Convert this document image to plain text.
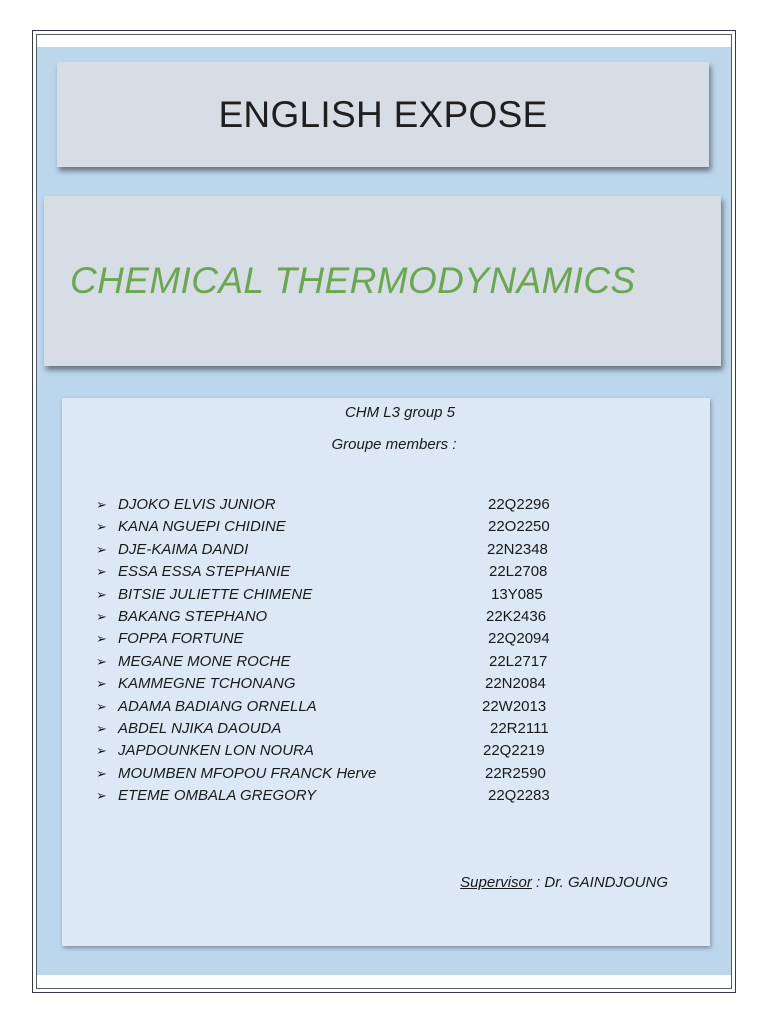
ENGLISH EXPOSE
CHEMICAL THERMODYNAMICS
CHM L3 group 5
Groupe members :
➢ DJOKO ELVIS JUNIOR	22Q2296
➢ KANA NGUEPI CHIDINE	22O2250
➢ DJE-KAIMA DANDI	22N2348
➢ ESSA ESSA STEPHANIE	22L2708
➢ BITSIE JULIETTE CHIMENE	13Y085
➢ BAKANG STEPHANO	22K2436
➢ FOPPA FORTUNE	22Q2094
➢ MEGANE MONE ROCHE	22L2717
➢ KAMMEGNE TCHONANG	22N2084
➢ ADAMA BADIANG ORNELLA	22W2013
➢ ABDEL NJIKA DAOUDA	22R2111
➢ JAPDOUNKEN LON NOURA	22Q2219
➢ MOUMBEN MFOPOU FRANCK Herve	22R2590
➢ ETEME OMBALA GREGORY	22Q2283
Supervisor : Dr. GAINDJOUNG
